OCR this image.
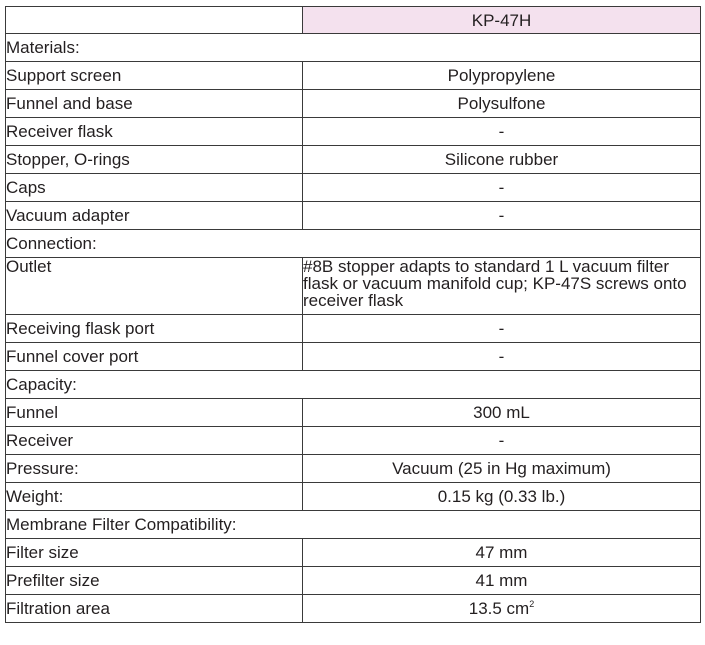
	KP-47H
Materials:	
Support screen	Polypropylene
Funnel and base	Polysulfone
Receiver flask	-
Stopper, O-rings	Silicone rubber
Caps	-
Vacuum adapter	-
Connection:	
Outlet	#8B stopper adapts to standard 1 L vacuum filter flask or vacuum manifold cup; KP-47S screws onto receiver flask
Receiving flask port	-
Funnel cover port	-
Capacity:	
Funnel	300 mL
Receiver	-
Pressure:	Vacuum (25 in Hg maximum)
Weight:	0.15 kg (0.33 lb.)
Membrane Filter Compatibility:	
Filter size	47 mm
Prefilter size	41 mm
Filtration area	13.5 $cm^2$
